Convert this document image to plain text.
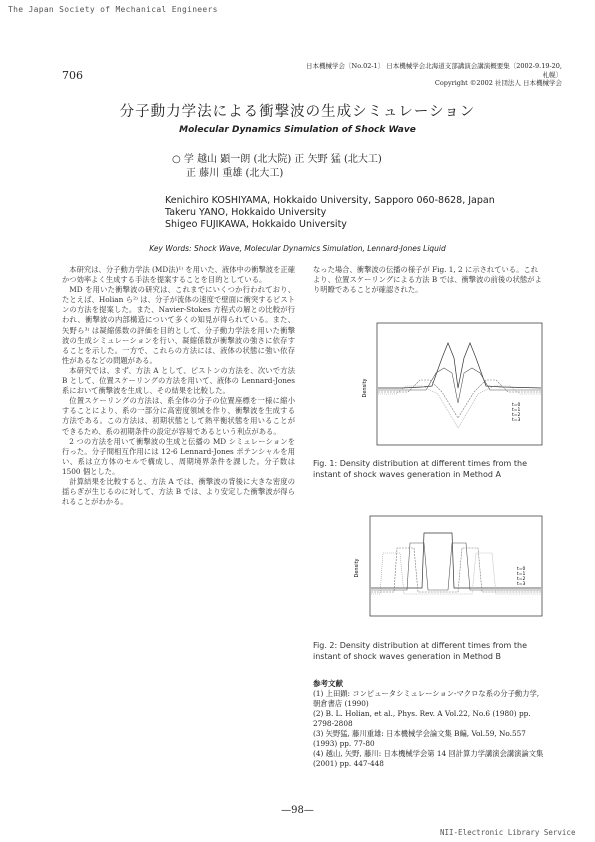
The Japan Society of Mechanical Engineers
706
日本機械学会〔No.02-1〕 日本機械学会北海道支部講演会講演概要集〔2002-9.19-20, 札幌〕
Copyright ©2002 社団法人 日本機械学会
分子動力学法による衝撃波の生成シミュレーション
Molecular Dynamics Simulation of Shock Wave
○ 学 越山 顕一朗 (北大院) 正 矢野 猛 (北大工)
正 藤川 重雄 (北大工)
Kenichiro KOSHIYAMA, Hokkaido University, Sapporo 060-8628, Japan
Takeru YANO, Hokkaido University
Shigeo FUJIKAWA, Hokkaido University
Key Words: Shock Wave, Molecular Dynamics Simulation, Lennard-Jones Liquid

本研究は、分子動力学法 (MD法)¹⁾ を用いた、液体中の衝撃波を正確かつ効率よく生成する手法を提案することを目的としている。

MD を用いた衝撃波の研究は、これまでにいくつか行われており、たとえば、Holian ら²⁾ は、分子が流体の速度で壁面に衝突するピストンの方法を提案した。また、Navier-Stokes 方程式の解との比較が行われ、衝撃波の内部構造について多くの知見が得られている。また、矢野ら³⁾ は凝縮係数の評価を目的として、分子動力学法を用いた衝撃波の生成シミュレーションを行い、凝縮係数が衝撃波の強さに依存することを示した。一方で、これらの方法には、液体の状態に強い依存性があるなどの問題がある。

本研究では、まず、方法 A として、ピストンの方法を、次いで方法 B として、位置スケーリングの方法を用いて、液体の Lennard-Jones 系において衝撃波を生成し、その結果を比較した。

位置スケーリングの方法は、系全体の分子の位置座標を一様に縮小することにより、系の一部分に高密度領域を作り、衝撃波を生成する方法である。この方法は、初期状態として熱平衡状態を用いることができるため、系の初期条件の設定が容易であるという利点がある。

2 つの方法を用いて衝撃波の生成と伝播の MD シミュレーションを行った。分子間相互作用には 12-6 Lennard-Jones ポテンシャルを用い、系は立方体のセルで構成し、周期境界条件を課した。分子数は 1500 個とした。

計算結果を比較すると、方法 A では、衝撃波の背後に大きな密度の揺らぎが生じるのに対して、方法 B では、より安定した衝撃波が得られることがわかる。

なった場合、衝撃波の伝播の様子が Fig. 1, 2 に示されている。これより、位置スケーリングによる方法 B では、衝撃波の前後の状態がより明瞭であることが確認された。
Density
t=0
t=1
t=2
t=3
Fig. 1: Density distribution at different times from the instant of shock waves generation in Method A
Density	t=0
t=1
t=2
t=3
Fig. 2: Density distribution at different times from the instant of shock waves generation in Method B
参考文献
(1) 上田顕: コンピュータシミュレーション-マクロな系の分子動力学, 朝倉書店 (1990)
(2) B. L. Holian, et al., Phys. Rev. A Vol.22, No.6 (1980) pp. 2798-2808
(3) 矢野猛, 藤川重雄: 日本機械学会論文集 B編, Vol.59, No.557 (1993) pp. 77-80
(4) 越山, 矢野, 藤川: 日本機械学会第 14 回計算力学講演会講演論文集 (2001) pp. 447-448
—98—
NII-Electronic Library Service
